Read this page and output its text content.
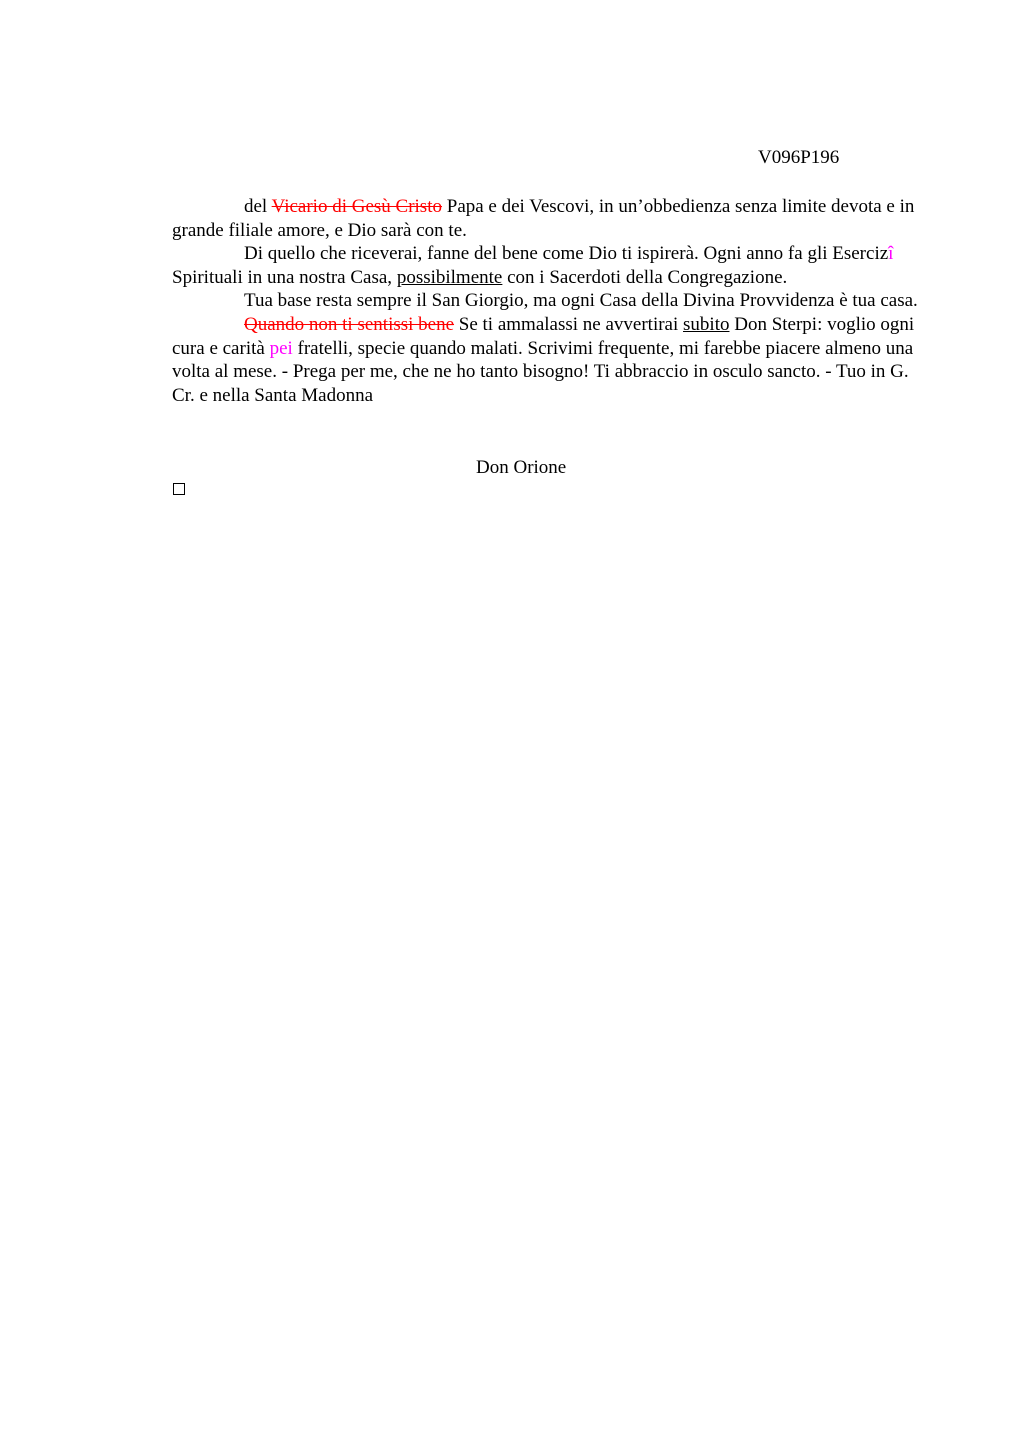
V096P196

del Vicario di Gesù Cristo Papa e dei Vescovi, in un’obbedienza senza limite devota e in grande filiale amore, e Dio sarà con te.

Di quello che riceverai, fanne del bene come Dio ti ispirerà. Ogni anno fa gli Esercizî Spirituali in una nostra Casa, possibilmente con i Sacerdoti della Congregazione.

Tua base resta sempre il San Giorgio, ma ogni Casa della Divina Provvidenza è tua casa.

Quando non ti sentissi bene Se ti ammalassi ne avvertirai subito Don Sterpi: voglio ogni cura e carità pei fratelli, specie quando malati. Scrivimi frequente, mi farebbe piacere almeno una volta al mese. - Prega per me, che ne ho tanto bisogno! Ti abbraccio in osculo sancto. - Tuo in G. Cr. e nella Santa Madonna

Don Orione
